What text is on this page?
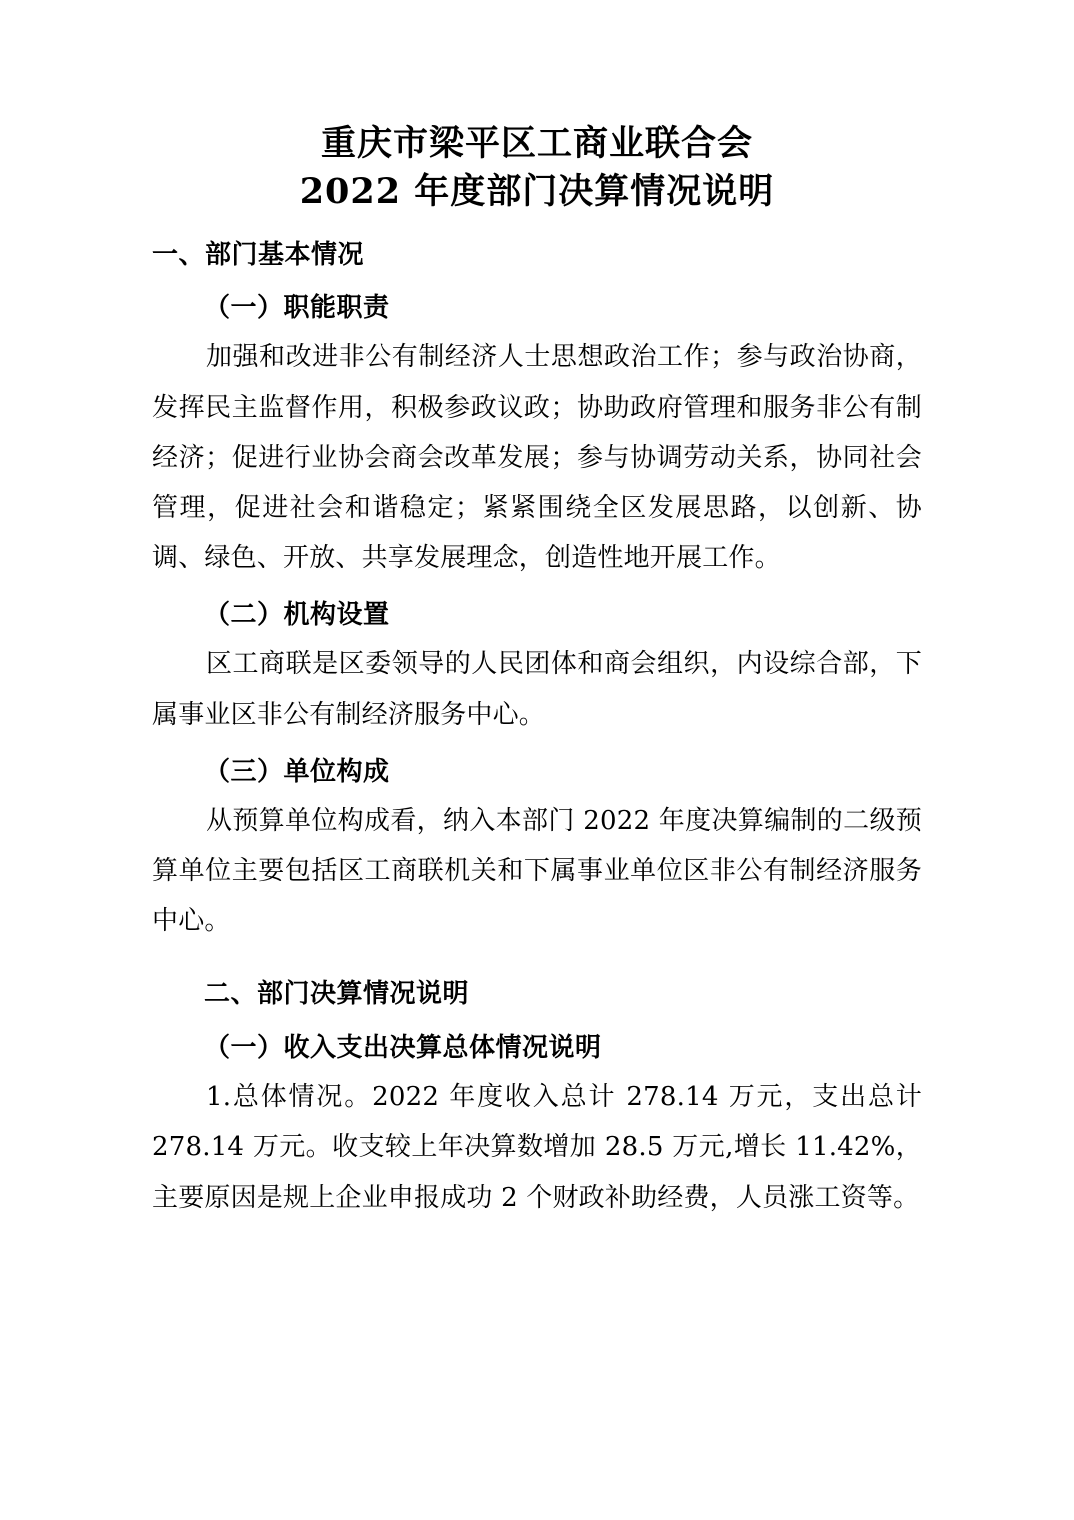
重庆市梁平区工商业联合会
2022 年度部门决算情况说明
一、部门基本情况
（一）职能职责

加强和改进非公有制经济人士思想政治工作；参与政治协商，发挥民主监督作用，积极参政议政；协助政府管理和服务非公有制经济；促进行业协会商会改革发展；参与协调劳动关系，协同社会管理，促进社会和谐稳定；紧紧围绕全区发展思路，以创新、协调、绿色、开放、共享发展理念，创造性地开展工作。

（二）机构设置

区工商联是区委领导的人民团体和商会组织，内设综合部，下属事业区非公有制经济服务中心。

（三）单位构成

从预算单位构成看，纳入本部门 2022 年度决算编制的二级预算单位主要包括区工商联机关和下属事业单位区非公有制经济服务中心。

二、部门决算情况说明
（一）收入支出决算总体情况说明

1.总体情况。2022 年度收入总计 278.14 万元，支出总计 278.14 万元。收支较上年决算数增加 28.5 万元,增长 11.42%，主要原因是规上企业申报成功 2 个财政补助经费，人员涨工资等。
